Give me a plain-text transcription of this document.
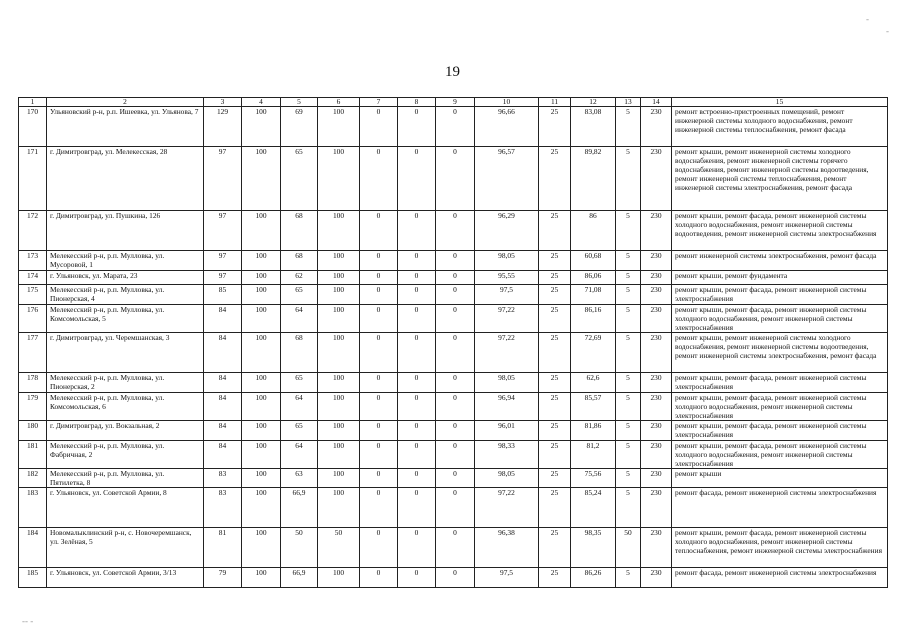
19
1	2	3	4	5	6	7	8	9	10	11	12	13	14	15
170	Ульяновский р-н, р.п. Ишеевка, ул. Ульянова, 7	129	100	69	100	0	0	0	96,66	25	83,08	5	230	ремонт встроенно-пристроенных помещений, ремонт инженерной системы холодного водоснабжения, ремонт инженерной системы теплоснабжения, ремонт фасада
171	г. Димитровград, ул. Мелекесская, 28	97	100	65	100	0	0	0	96,57	25	89,82	5	230	ремонт крыши, ремонт инженерной системы холодного водоснабжения, ремонт инженерной системы горячего водоснабжения, ремонт инженерной системы водоотведения, ремонт инженерной системы теплоснабжения, ремонт инженерной системы электроснабжения, ремонт фасада
172	г. Димитровград, ул. Пушкина, 126	97	100	68	100	0	0	0	96,29	25	86	5	230	ремонт крыши, ремонт фасада, ремонт инженерной системы холодного водоснабжения, ремонт инженерной системы водоотведения, ремонт инженерной системы электроснабжения
173	Мелекесский р-н, р.п. Мулловка, ул. Мусоровой, 1	97	100	68	100	0	0	0	98,05	25	60,68	5	230	ремонт инженерной системы электроснабжения, ремонт фасада
174	г. Ульяновск, ул. Марата, 23	97	100	62	100	0	0	0	95,55	25	86,06	5	230	ремонт крыши, ремонт фундамента
175	Мелекесский р-н, р.п. Мулловка, ул. Пионерская, 4	85	100	65	100	0	0	0	97,5	25	71,08	5	230	ремонт крыши, ремонт фасада, ремонт инженерной системы электроснабжения
176	Мелекесский р-н, р.п. Мулловка, ул. Комсомольская, 5	84	100	64	100	0	0	0	97,22	25	86,16	5	230	ремонт крыши, ремонт фасада, ремонт инженерной системы холодного водоснабжения, ремонт инженерной системы электроснабжения
177	г. Димитровград, ул. Черемшанская, 3	84	100	68	100	0	0	0	97,22	25	72,69	5	230	ремонт крыши, ремонт инженерной системы холодного водоснабжения, ремонт инженерной системы водоотведения, ремонт инженерной системы электроснабжения, ремонт фасада
178	Мелекесский р-н, р.п. Мулловка, ул. Пионерская, 2	84	100	65	100	0	0	0	98,05	25	62,6	5	230	ремонт крыши, ремонт фасада, ремонт инженерной системы электроснабжения
179	Мелекесский р-н, р.п. Мулловка, ул. Комсомольская, 6	84	100	64	100	0	0	0	96,94	25	85,57	5	230	ремонт крыши, ремонт фасада, ремонт инженерной системы холодного водоснабжения, ремонт инженерной системы электроснабжения
180	г. Димитровград, ул. Вокзальная, 2	84	100	65	100	0	0	0	96,01	25	81,86	5	230	ремонт крыши, ремонт фасада, ремонт инженерной системы электроснабжения
181	Мелекесский р-н, р.п. Мулловка, ул. Фабричная, 2	84	100	64	100	0	0	0	98,33	25	81,2	5	230	ремонт крыши, ремонт фасада, ремонт инженерной системы холодного водоснабжения, ремонт инженерной системы электроснабжения
182	Мелекесский р-н, р.п. Мулловка, ул. Пятилетка, 8	83	100	63	100	0	0	0	98,05	25	75,56	5	230	ремонт крыши
183	г. Ульяновск, ул. Советской Армии, 8	83	100	66,9	100	0	0	0	97,22	25	85,24	5	230	ремонт фасада, ремонт инженерной системы электроснабжения
184	Новомалыклинский р-н, с. Новочеремшанск, ул. Зелёная, 5	81	100	50	50	0	0	0	96,38	25	98,35	50	230	ремонт крыши, ремонт фасада, ремонт инженерной системы холодного водоснабжения, ремонт инженерной системы теплоснабжения, ремонт инженерной системы электроснабжения
185	г. Ульяновск, ул. Советской Армии, 3/13	79	100	66,9	100	0	0	0	97,5	25	86,26	5	230	ремонт фасада, ремонт инженерной системы электроснабжения
-
-
-- -
